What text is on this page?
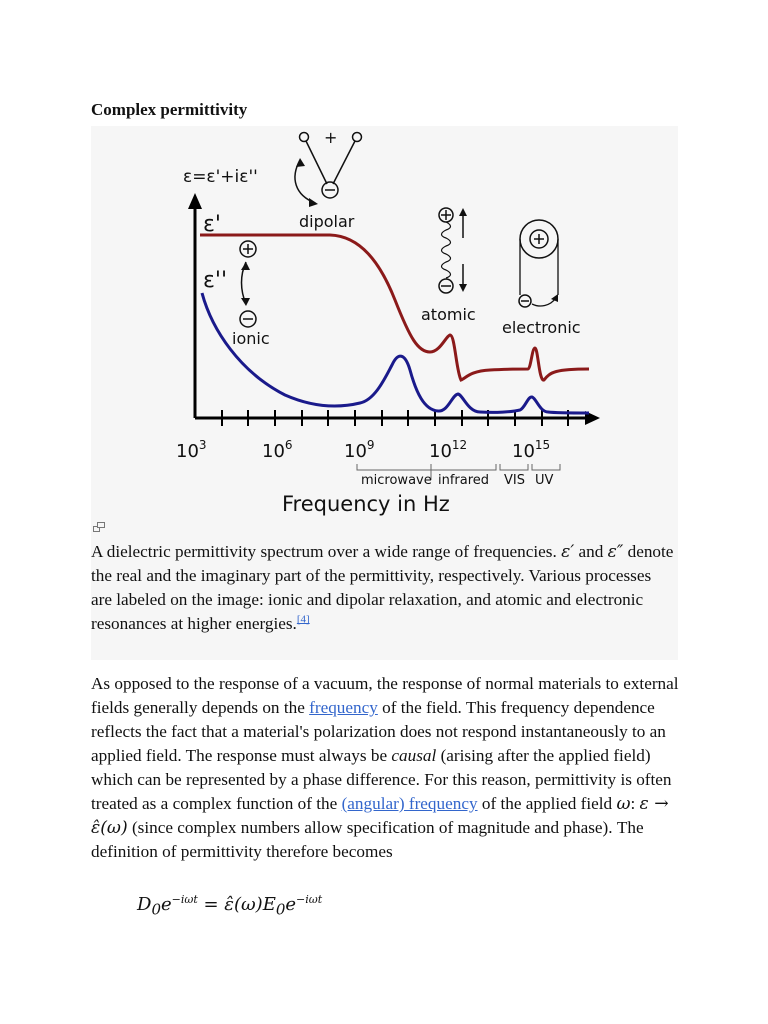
Complex permittivity
ε=ε'+iε''
$10^3$	$10^6$	$10^9$	$10^{12}$ $10^{15}$
microwave infrared VIS UV
Frequency in Hz
ε'
ε''
ionic
+
dipolar
atomic
electronic
A dielectric permittivity spectrum over a wide range of frequencies. ε′ and ε″ denote the real and the imaginary part of the permittivity, respectively. Various processes are labeled on the image: ionic and dipolar relaxation, and atomic and electronic resonances at higher energies.[4]
As opposed to the response of a vacuum, the response of normal materials to external fields generally depends on the frequency of the field. This frequency dependence reflects the fact that a material's polarization does not respond instantaneously to an applied field. The response must always be causal (arising after the applied field) which can be represented by a phase difference. For this reason, permittivity is often treated as a complex function of the (angular) frequency of the applied field ω: ε → ε̂(ω) (since complex numbers allow specification of magnitude and phase). The definition of permittivity therefore becomes
$D_0e^{-i\omega t}$ = $\varepsilon̂(\omega)E_0e^{-i\omega t}$
